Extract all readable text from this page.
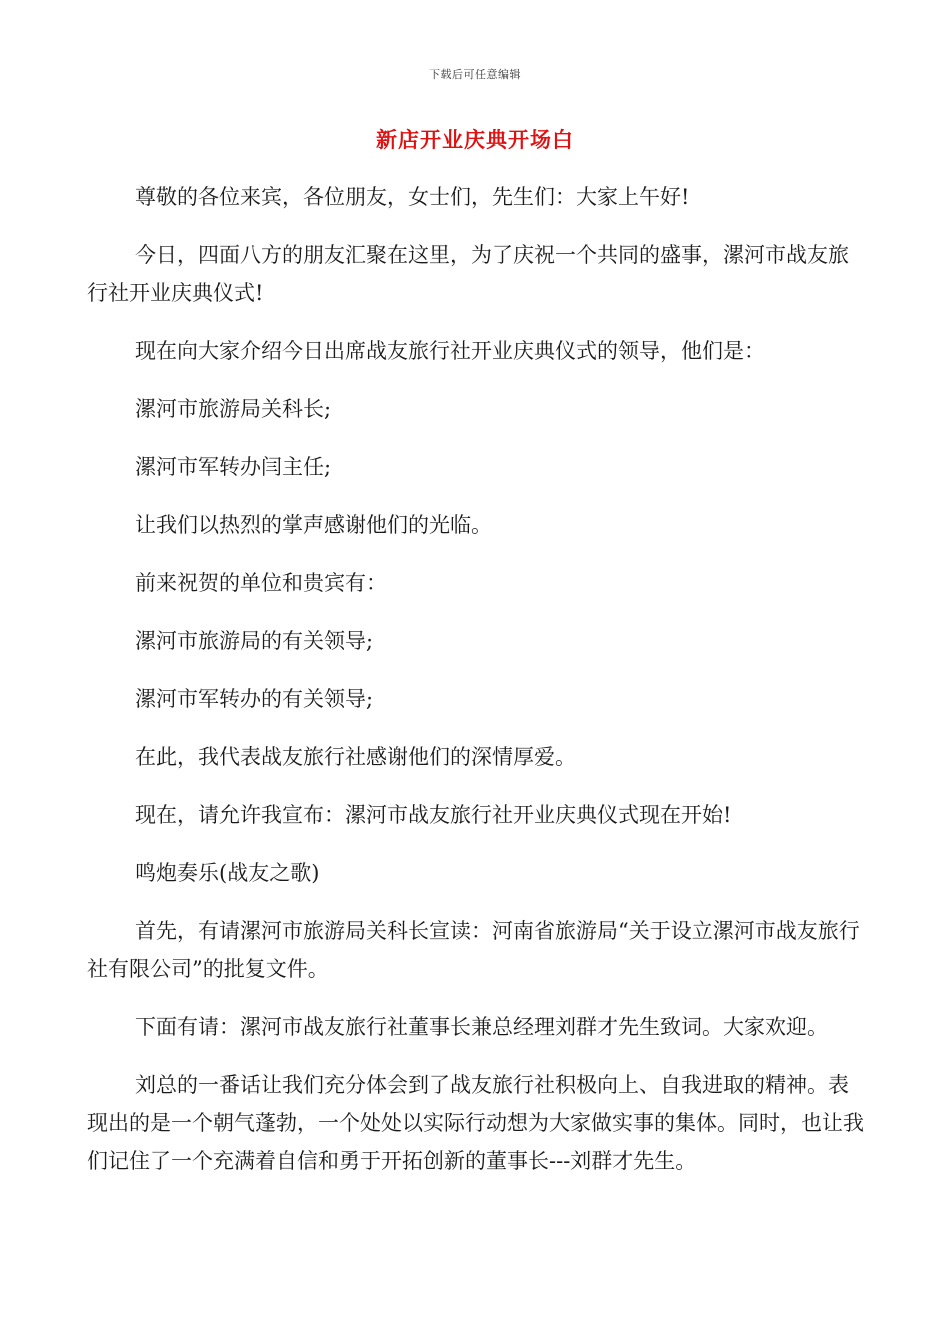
下载后可任意编辑
新店开业庆典开场白

尊敬的各位来宾，各位朋友，女士们，先生们：大家上午好!

今日，四面八方的朋友汇聚在这里，为了庆祝一个共同的盛事，漯河市战友旅行社开业庆典仪式!

现在向大家介绍今日出席战友旅行社开业庆典仪式的领导，他们是：

漯河市旅游局关科长;

漯河市军转办闫主任;

让我们以热烈的掌声感谢他们的光临。

前来祝贺的单位和贵宾有：

漯河市旅游局的有关领导;

漯河市军转办的有关领导;

在此，我代表战友旅行社感谢他们的深情厚爱。

现在，请允许我宣布：漯河市战友旅行社开业庆典仪式现在开始!

鸣炮奏乐(战友之歌)

首先，有请漯河市旅游局关科长宣读：河南省旅游局“关于设立漯河市战友旅行社有限公司”的批复文件。

下面有请：漯河市战友旅行社董事长兼总经理刘群才先生致词。大家欢迎。

刘总的一番话让我们充分体会到了战友旅行社积极向上、自我进取的精神。表现出的是一个朝气蓬勃，一个处处以实际行动想为大家做实事的集体。同时，也让我们记住了一个充满着自信和勇于开拓创新的董事长---刘群才先生。
